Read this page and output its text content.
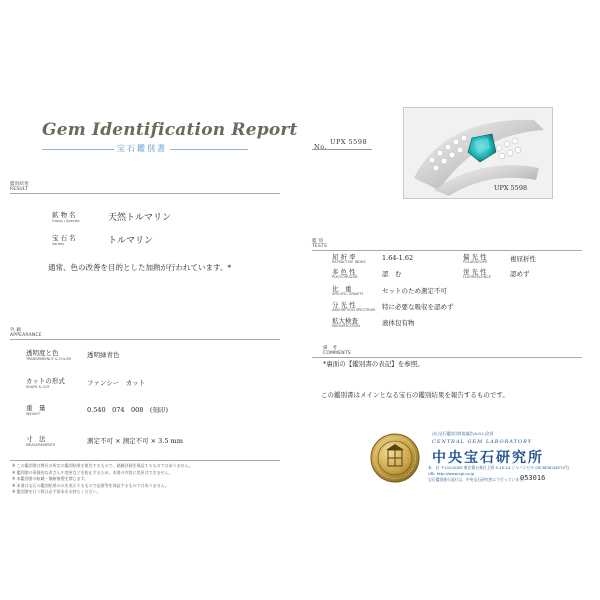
Gem Identification Report
宝石鑑別書	No.
UPX 5598
UPX 5598
鑑別結果
RESULT
鉱 物 名
Group / Species	天然トルマリン
宝 石 名
Variety	トルマリン
通常、色の改善を目的とした加熱が行われています。*
外 観
APPEARANCE
透明度と色
TRANSPARENCY & COLOR 透明緑青色
カットの形式
SHAPE & CUT	ファンシー　カット
重　量
WEIGHT	0.540　074　008　(刻印)
寸　法
MEASUREMENTS	測定不可 × 測定不可 × 3.5 mm
※ この鑑別書は弊社の所定の鑑別結果を報告するもので、価値評価を保証するものではありません。
※ 鑑別書の事後的な改ざんや変更などを防止するため、本書の内容に変更はできません。
※ 本鑑別書の転載・無断複製を禁じます。
※ 本書は宝石の鑑別結果のみを表示するもので品質等を保証するものではありません。
※ 鑑別書を行う際は必ず原本をお持ちください。
鑑 別
TESTS
屈 折 率
REFRACTIVE INDEX	1.64-1.62
多 色 性
PLEOCHROISM	認　む
比　重
SPECIFIC GRAVITY	セットのため測定不可
分 光 性
ABSORPTION SPECTRUM 特に必要な吸収を認めず
拡大検査
MAGNIFICATION	液体包有物
偏 光 性
POLARISCOPE	複屈折性
蛍 光 性
FLUORESCENCE	認めず
備　考
COMMENTS
*裏面の【鑑別書の表記】を参照。
この鑑別書はメインとなる宝石の鑑別結果を報告するものです。
(社)宝石鑑別団体協議会(A.G.L)会員
CENTRAL GEM LABORATORY
中央宝石研究所
本　社 〒110-0005 東京都台東区上野 5-15-14 ジャパンビル 03(3836)1627(代)
URL http://www.cgl.co.jp
宝石鑑別書の発行は、中央宝石研究所にて行っています。
053016
